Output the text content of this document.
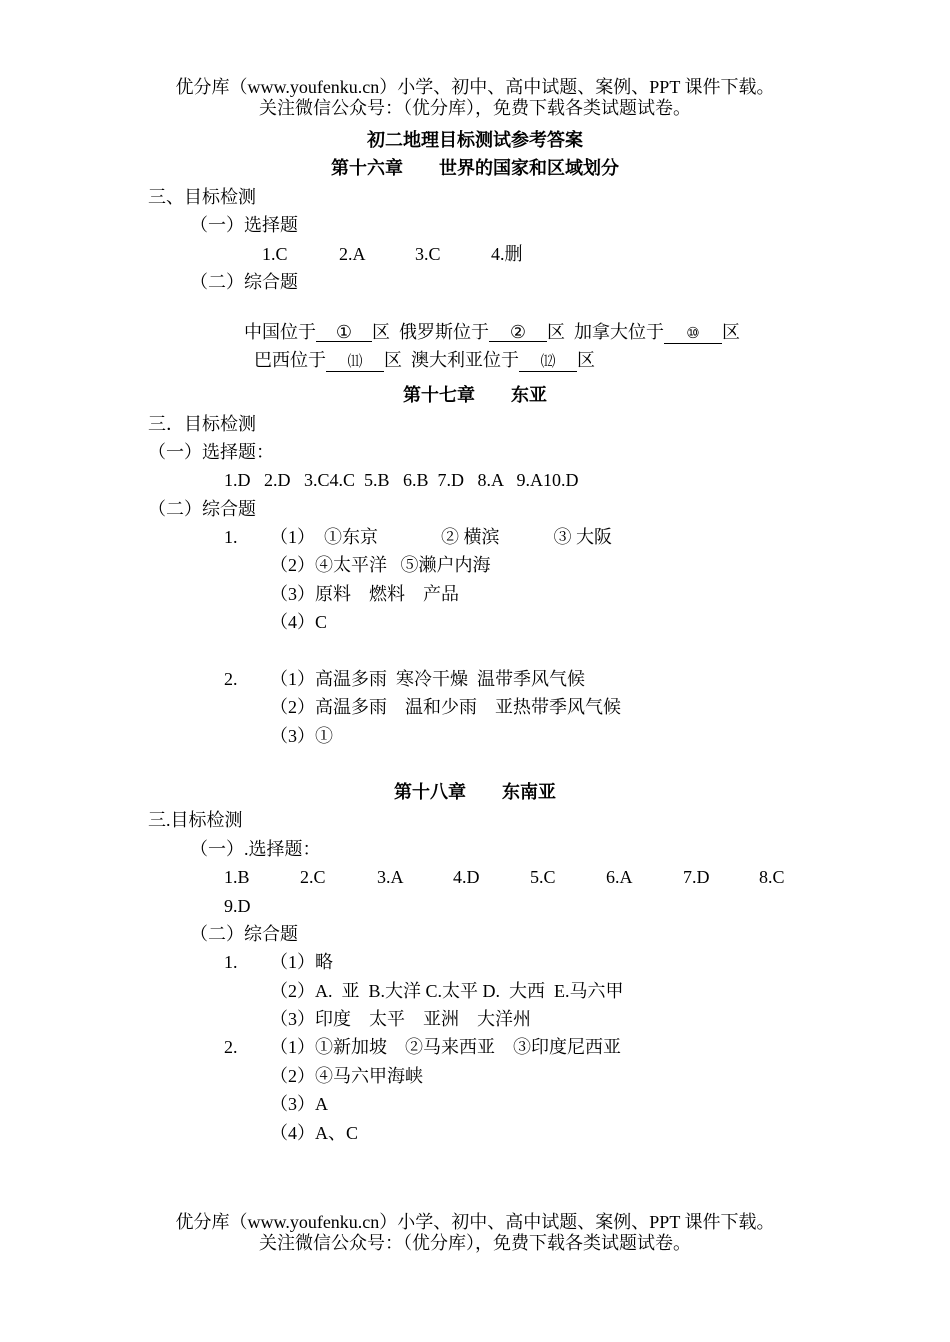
优分库（www.youfenku.cn）小学、初中、高中试题、案例、PPT 课件下载。
关注微信公众号：（优分库），免费下载各类试题试卷。
初二地理目标测试参考答案
第十六章　　世界的国家和区域划分
三、目标检测
（一）选择题
1.C	2.A	3.C	4.删
（二）综合题

中国位于 ① 区 俄罗斯位于 ② 区 加拿大位于 ⑩ 区

巴西位于 ⑾ 区 澳大利亚位于 ⑿ 区

第十七章　　东亚
三．目标检测
（一）选择题：
1.D   2.D   3.C4.C  5.B   6.B  7.D   8.A   9.A10.D
（二）综合题
1. （1）  ①东京              ② 横滨            ③ 大阪
（2）④太平洋   ⑤濑户内海
（3）原料    燃料    产品
（4）C
2. （1）高温多雨  寒冷干燥  温带季风气候
（2）高温多雨    温和少雨    亚热带季风气候
（3）①
第十八章　　东南亚
三.目标检测
（一）.选择题：
1.B	2.C	3.A	4.D	5.C	6.A	7.D	8.C
9.D
（二）综合题
1. （1）略
（2）A.  亚  B.大洋 C.太平 D.  大西  E.马六甲
（3）印度    太平    亚洲    大洋州
2. （1）①新加坡    ②马来西亚    ③印度尼西亚
（2）④马六甲海峡
（3）A
（4）A、C
优分库（www.youfenku.cn）小学、初中、高中试题、案例、PPT 课件下载。
关注微信公众号：（优分库），免费下载各类试题试卷。
